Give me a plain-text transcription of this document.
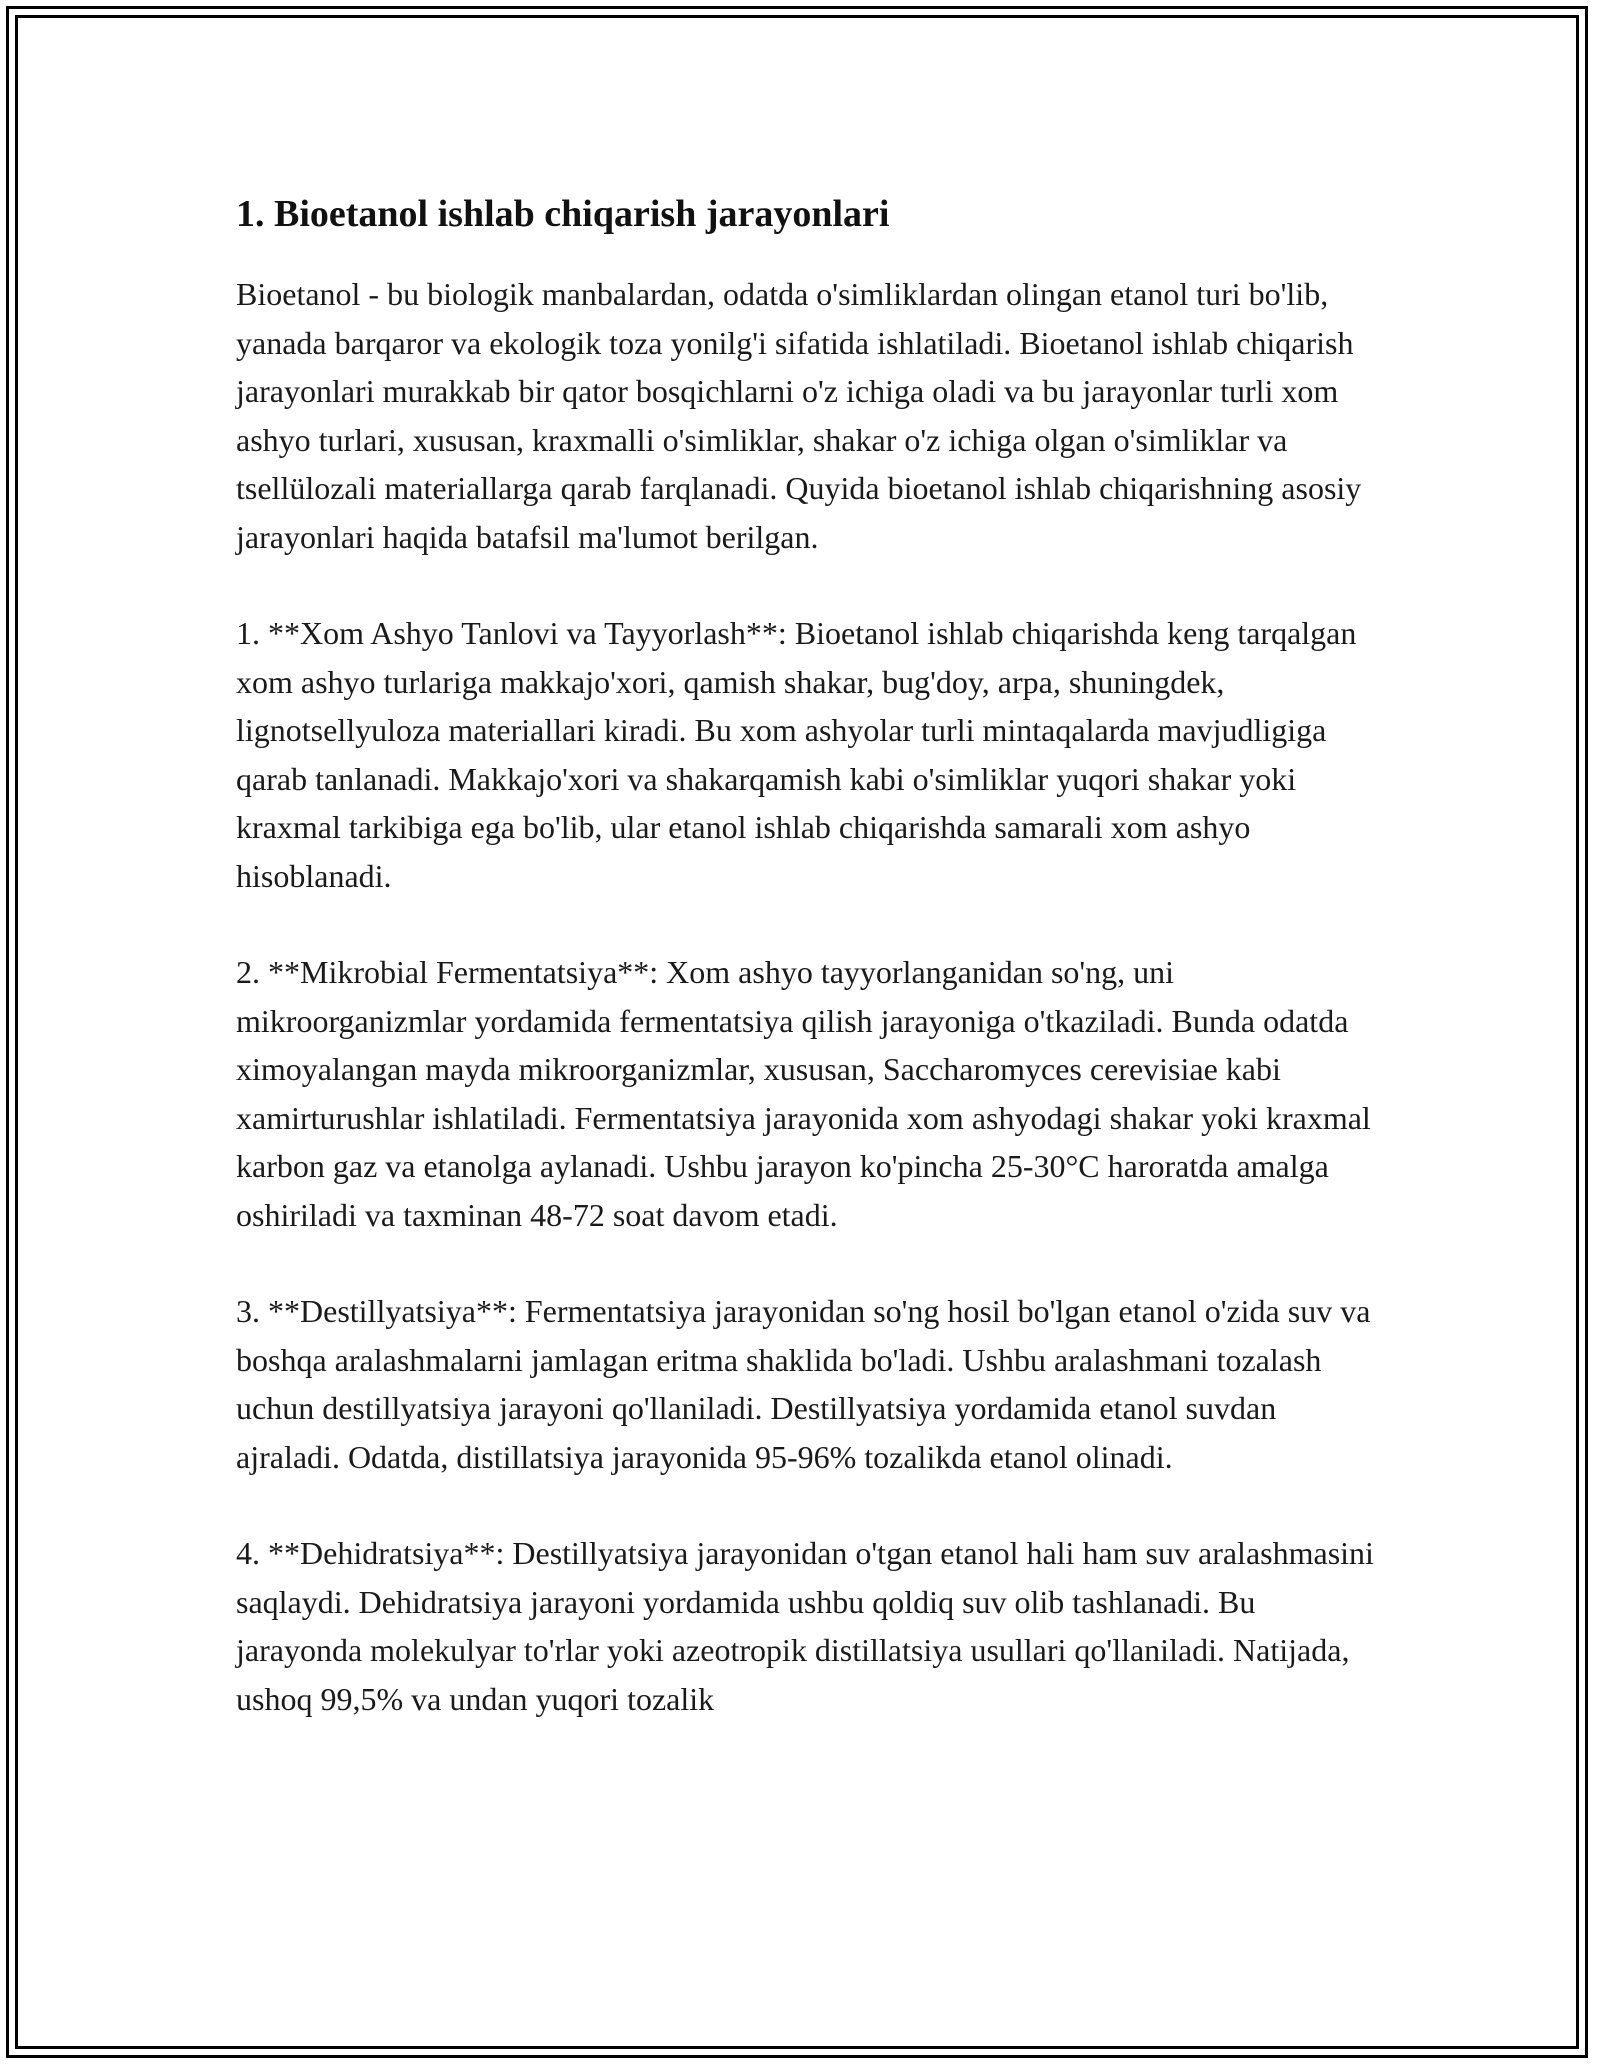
1. Bioetanol ishlab chiqarish jarayonlari

Bioetanol - bu biologik manbalardan, odatda o'simliklardan olingan etanol turi bo'lib, yanada barqaror va ekologik toza yonilg'i sifatida ishlatiladi. Bioetanol ishlab chiqarish jarayonlari murakkab bir qator bosqichlarni o'z ichiga oladi va bu jarayonlar turli xom ashyo turlari, xususan, kraxmalli o'simliklar, shakar o'z ichiga olgan o'simliklar va tsellülozali materiallarga qarab farqlanadi. Quyida bioetanol ishlab chiqarishning asosiy jarayonlari haqida batafsil ma'lumot berilgan.

1. **Xom Ashyo Tanlovi va Tayyorlash**: Bioetanol ishlab chiqarishda keng tarqalgan xom ashyo turlariga makkajo'xori, qamish shakar, bug'doy, arpa, shuningdek, lignotsellyuloza materiallari kiradi. Bu xom ashyolar turli mintaqalarda mavjudligiga qarab tanlanadi. Makkajo'xori va shakarqamish kabi o'simliklar yuqori shakar yoki kraxmal tarkibiga ega bo'lib, ular etanol ishlab chiqarishda samarali xom ashyo hisoblanadi.

2. **Mikrobial Fermentatsiya**: Xom ashyo tayyorlanganidan so'ng, uni mikroorganizmlar yordamida fermentatsiya qilish jarayoniga o'tkaziladi. Bunda odatda ximoyalangan mayda mikroorganizmlar, xususan, Saccharomyces cerevisiae kabi xamirturushlar ishlatiladi. Fermentatsiya jarayonida xom ashyodagi shakar yoki kraxmal karbon gaz va etanolga aylanadi. Ushbu jarayon ko'pincha 25-30°C haroratda amalga oshiriladi va taxminan 48-72 soat davom etadi.

3. **Destillyatsiya**: Fermentatsiya jarayonidan so'ng hosil bo'lgan etanol o'zida suv va boshqa aralashmalarni jamlagan eritma shaklida bo'ladi. Ushbu aralashmani tozalash uchun destillyatsiya jarayoni qo'llaniladi. Destillyatsiya yordamida etanol suvdan ajraladi. Odatda, distillatsiya jarayonida 95-96% tozalikda etanol olinadi.

4. **Dehidratsiya**: Destillyatsiya jarayonidan o'tgan etanol hali ham suv aralashmasini saqlaydi. Dehidratsiya jarayoni yordamida ushbu qoldiq suv olib tashlanadi. Bu jarayonda molekulyar to'rlar yoki azeotropik distillatsiya usullari qo'llaniladi. Natijada, ushoq 99,5% va undan yuqori tozalik
